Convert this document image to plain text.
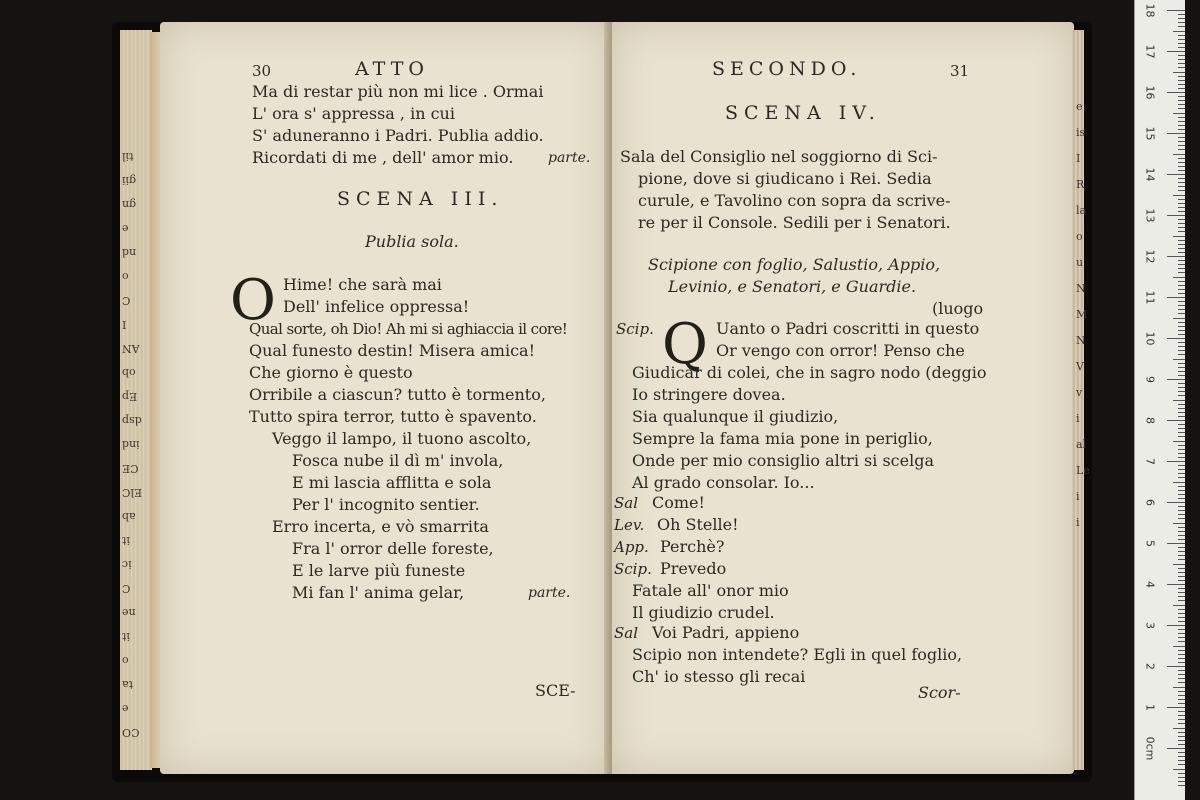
til
gii
gn
e
nd
o
C
I
AN
ob
Ep
dsp
ind
CE
ElC
ab
it
ic
C
ne
it
o
ta
e
CO
e
is
I
R
la
o
u
N
M
N
V
v
i
al
Le
i
i
30	ATTO
Ma di restar più non mi lice . Ormai
L' ora s' appressa , in cui
S' aduneranno i Padri. Publia addio.
Ricordati di me , dell' amor mio. parte.
SCENA III.
Publia sola.
O Hime! che sarà mai
Dell' infelice oppressa!
Qual sorte, oh Dio! Ah mi si aghiaccia il core!
Qual funesto destin! Misera amica!
Che giorno è questo
Orribile a ciascun? tutto è tormento,
Tutto spira terror, tutto è spavento.
Veggo il lampo, il tuono ascolto,
Fosca nube il dì m' invola,
E mi lascia afflitta e sola
Per l' incognito sentier.
Erro incerta, e vò smarrita
Fra l' orror delle foreste,
E le larve più funeste
Mi fan l' anima gelar,	parte.
SCE-
SECONDO.	31
SCENA IV.
Sala del Consiglio nel soggiorno di Sci-
pione, dove si giudicano i Rei. Sedia
curule, e Tavolino con sopra da scrive-
re per il Console. Sedili per i Senatori.
Scipione con foglio, Salustio, Appio,
Levinio, e Senatori, e Guardie.
(luogo
Q
Scip.	Uanto o Padri coscritti in questo
Or vengo con orror! Penso che
Giudicar di colei, che in sagro nodo (deggio
Io stringere dovea.
Sia qualunque il giudizio,
Sempre la fama mia pone in periglio,
Onde per mio consiglio altri si scelga
Al grado consolar. Io...
Sal Come!
Lev. Oh Stelle!
App. Perchè?
Scip. Prevedo
Fatale all' onor mio
Il giudizio crudel.
Sal Voi Padri, appieno
Scipio non intendete? Egli in quel foglio,
Ch' io stesso gli recai
Scor-
18
17
16
15
14
13
12
11
10
9
8
7
6
5
4
3
2
1
0cm
